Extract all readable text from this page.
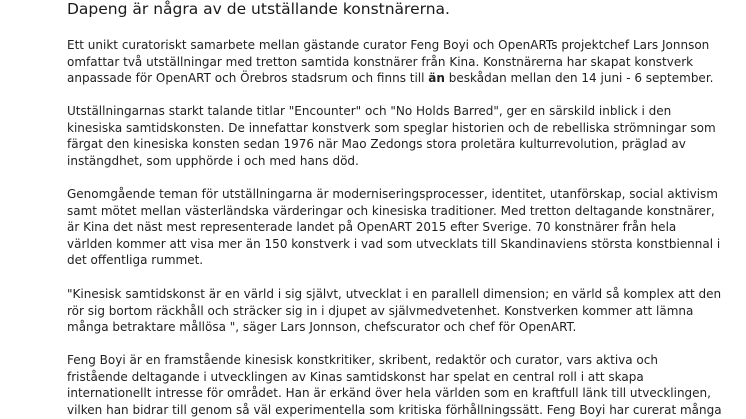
Dapeng är några av de utställande konstnärerna.
Ett unikt curatoriskt samarbete mellan gästande curator Feng Boyi och OpenARTs projektchef Lars Jonnson
omfattar två utställningar med tretton samtida konstnärer från Kina. Konstnärerna har skapat konstverk
anpassade för OpenART och Örebros stadsrum och finns till än beskådan mellan den 14 juni - 6 september.
Utställningarnas starkt talande titlar "Encounter" och "No Holds Barred", ger en särskild inblick i den
kinesiska samtidskonsten. De innefattar konstverk som speglar historien och de rebelliska strömningar som
färgat den kinesiska konsten sedan 1976 när Mao Zedongs stora proletära kulturrevolution, präglad av
instängdhet, som upphörde i och med hans död.
Genomgående teman för utställningarna är moderniseringsprocesser, identitet, utanförskap, social aktivism
samt mötet mellan västerländska värderingar och kinesiska traditioner. Med tretton deltagande konstnärer,
är Kina det näst mest representerade landet på OpenART 2015 efter Sverige. 70 konstnärer från hela
världen kommer att visa mer än 150 konstverk i vad som utvecklats till Skandinaviens största konstbiennal i
det offentliga rummet.
"Kinesisk samtidskonst är en värld i sig självt, utvecklat i en parallell dimension; en värld så komplex att den
rör sig bortom räckhåll och sträcker sig in i djupet av självmedvetenhet. Konstverken kommer att lämna
många betraktare mållösa ", säger Lars Jonnson, chefscurator och chef för OpenART.
Feng Boyi är en framstående kinesisk konstkritiker, skribent, redaktör och curator, vars aktiva och
fristående deltagande i utvecklingen av Kinas samtidskonst har spelat en central roll i att skapa
internationellt intresse för området. Han är erkänd över hela världen som en kraftfull länk till utvecklingen,
vilken han bidrar till genom så väl experimentella som kritiska förhållningssätt. Feng Boyi har curerat många
